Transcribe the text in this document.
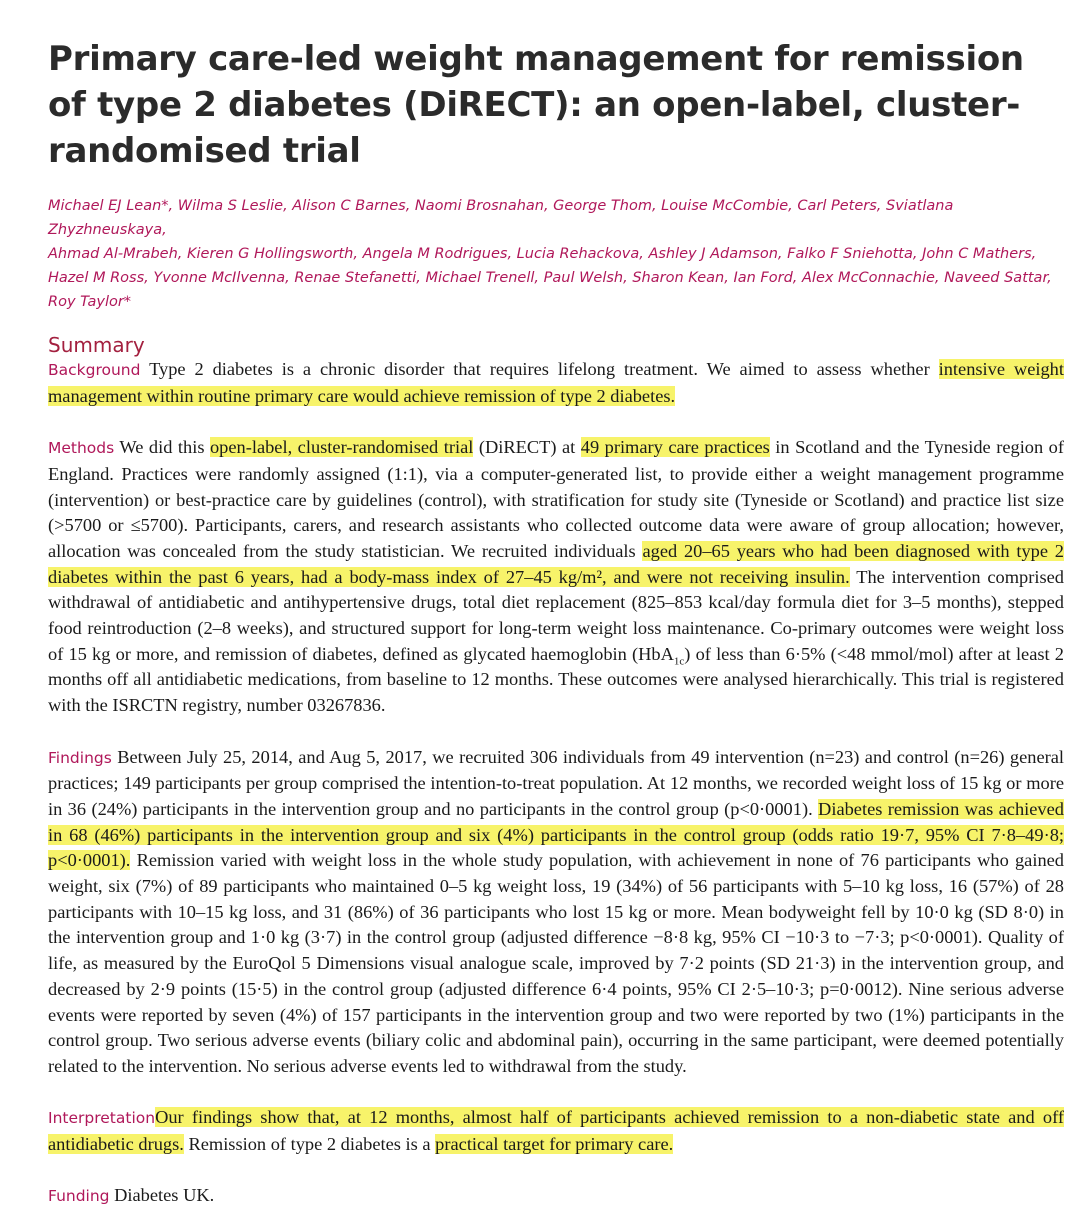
Primary care-led weight management for remission of type 2 diabetes (DiRECT): an open-label, cluster-randomised trial
Michael EJ Lean*, Wilma S Leslie, Alison C Barnes, Naomi Brosnahan, George Thom, Louise McCombie, Carl Peters, Sviatlana Zhyzhneuskaya,
Ahmad Al-Mrabeh, Kieren G Hollingsworth, Angela M Rodrigues, Lucia Rehackova, Ashley J Adamson, Falko F Sniehotta, John C Mathers,
Hazel M Ross, Yvonne McIlvenna, Renae Stefanetti, Michael Trenell, Paul Welsh, Sharon Kean, Ian Ford, Alex McConnachie, Naveed Sattar, Roy Taylor*
Summary

Background Type 2 diabetes is a chronic disorder that requires lifelong treatment. We aimed to assess whether intensive weight management within routine primary care would achieve remission of type 2 diabetes.

Methods We did this open-label, cluster-randomised trial (DiRECT) at 49 primary care practices in Scotland and the Tyneside region of England. Practices were randomly assigned (1:1), via a computer-generated list, to provide either a weight management programme (intervention) or best-practice care by guidelines (control), with stratification for study site (Tyneside or Scotland) and practice list size (>5700 or ≤5700). Participants, carers, and research assistants who collected outcome data were aware of group allocation; however, allocation was concealed from the study statistician. We recruited individuals aged 20–65 years who had been diagnosed with type 2 diabetes within the past 6 years, had a body-mass index of 27–45 kg/m², and were not receiving insulin. The intervention comprised withdrawal of antidiabetic and antihypertensive drugs, total diet replacement (825–853 kcal/day formula diet for 3–5 months), stepped food reintroduction (2–8 weeks), and structured support for long-term weight loss maintenance. Co-primary outcomes were weight loss of 15 kg or more, and remission of diabetes, defined as glycated haemoglobin (HbA$_{1c}$) of less than 6·5% (<48 mmol/mol) after at least 2 months off all antidiabetic medications, from baseline to 12 months. These outcomes were analysed hierarchically. This trial is registered with the ISRCTN registry, number 03267836.

Findings Between July 25, 2014, and Aug 5, 2017, we recruited 306 individuals from 49 intervention (n=23) and control (n=26) general practices; 149 participants per group comprised the intention-to-treat population. At 12 months, we recorded weight loss of 15 kg or more in 36 (24%) participants in the intervention group and no participants in the control group (p<0·0001). Diabetes remission was achieved in 68 (46%) participants in the intervention group and six (4%) participants in the control group (odds ratio 19·7, 95% CI 7·8–49·8; p<0·0001). Remission varied with weight loss in the whole study population, with achievement in none of 76 participants who gained weight, six (7%) of 89 participants who maintained 0–5 kg weight loss, 19 (34%) of 56 participants with 5–10 kg loss, 16 (57%) of 28 participants with 10–15 kg loss, and 31 (86%) of 36 participants who lost 15 kg or more. Mean bodyweight fell by 10·0 kg (SD 8·0) in the intervention group and 1·0 kg (3·7) in the control group (adjusted difference −8·8 kg, 95% CI −10·3 to −7·3; p<0·0001). Quality of life, as measured by the EuroQol 5 Dimensions visual analogue scale, improved by 7·2 points (SD 21·3) in the intervention group, and decreased by 2·9 points (15·5) in the control group (adjusted difference 6·4 points, 95% CI 2·5–10·3; p=0·0012). Nine serious adverse events were reported by seven (4%) of 157 participants in the intervention group and two were reported by two (1%) participants in the control group. Two serious adverse events (biliary colic and abdominal pain), occurring in the same participant, were deemed potentially related to the intervention. No serious adverse events led to withdrawal from the study.

InterpretationOur findings show that, at 12 months, almost half of participants achieved remission to a non-diabetic state and off antidiabetic drugs. Remission of type 2 diabetes is a practical target for primary care.

Funding Diabetes UK.
